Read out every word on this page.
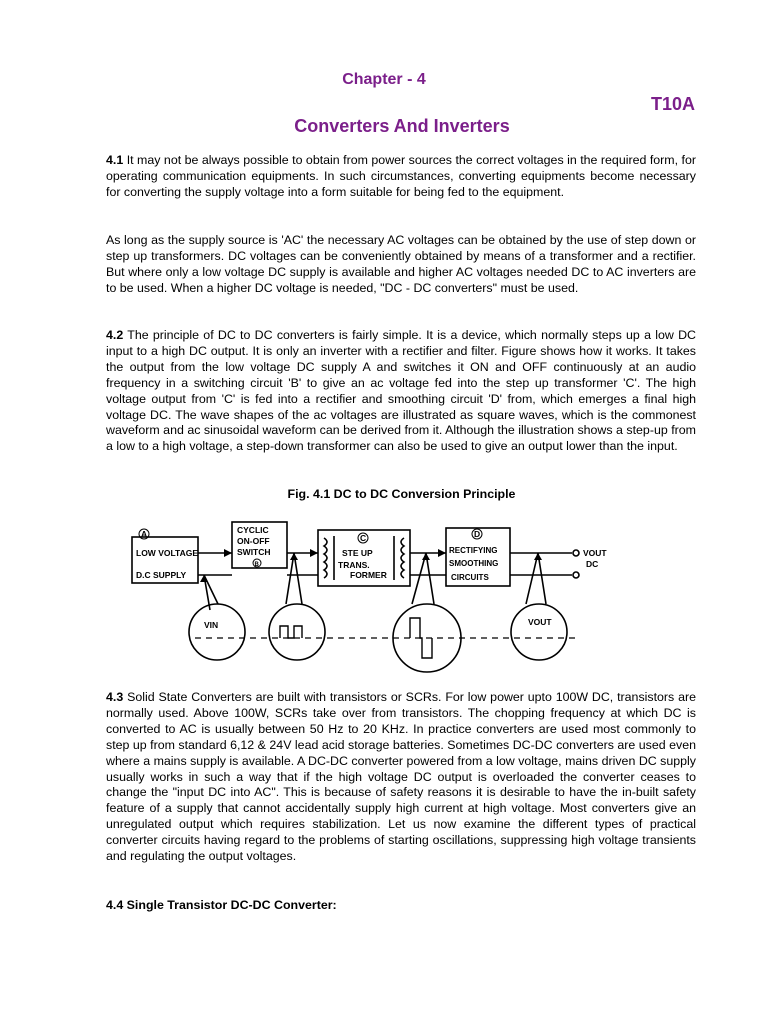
Chapter - 4
T10A
Converters And Inverters

4.1 It may not be always possible to obtain from power sources the correct voltages in the required form, for operating communication equipments. In such circumstances, converting equipments become necessary for converting the supply voltage into a form suitable for being fed to the equipment.

As long as the supply source is 'AC' the necessary AC voltages can be obtained by the use of step down or step up transformers. DC voltages can be conveniently obtained by means of a transformer and a rectifier. But where only a low voltage DC supply is available and higher AC voltages needed DC to AC inverters are to be used. When a higher DC voltage is needed, "DC - DC converters" must be used.

4.2 The principle of DC to DC converters is fairly simple. It is a device, which normally steps up a low DC input to a high DC output. It is only an inverter with a rectifier and filter. Figure shows how it works. It takes the output from the low voltage DC supply A and switches it ON and OFF continuously at an audio frequency in a switching circuit 'B' to give an ac voltage fed into the step up transformer 'C'. The high voltage output from 'C' is fed into a rectifier and smoothing circuit 'D' from, which emerges a final high voltage DC. The wave shapes of the ac voltages are illustrated as square waves, which is the commonest waveform and ac sinusoidal waveform can be derived from it. Although the illustration shows a step-up from a low to a high voltage, a step-down transformer can also be used to give an output lower than the input.

Fig. 4.1 DC to DC Conversion Principle
A
LOW VOLTAGE
D.C SUPPLY
CYCLIC
ON-OFF
SWITCH
B
C
STE UP
TRANS.
FORMER
D
RECTIFYING
SMOOTHING
CIRCUITS
VOUT
DC
VIN	VOUT

4.3 Solid State Converters are built with transistors or SCRs. For low power upto 100W DC, transistors are normally used. Above 100W, SCRs take over from transistors. The chopping frequency at which DC is converted to AC is usually between 50 Hz to 20 KHz. In practice converters are used most commonly to step up from standard 6,12 & 24V lead acid storage batteries. Sometimes DC-DC converters are used even where a mains supply is available. A DC-DC converter powered from a low voltage, mains driven DC supply usually works in such a way that if the high voltage DC output is overloaded the converter ceases to change the "input DC into AC". This is because of safety reasons it is desirable to have the in-built safety feature of a supply that cannot accidentally supply high current at high voltage. Most converters give an unregulated output which requires stabilization. Let us now examine the different types of practical converter circuits having regard to the problems of starting oscillations, suppressing high voltage transients and regulating the output voltages.

4.4 Single Transistor DC-DC Converter:
